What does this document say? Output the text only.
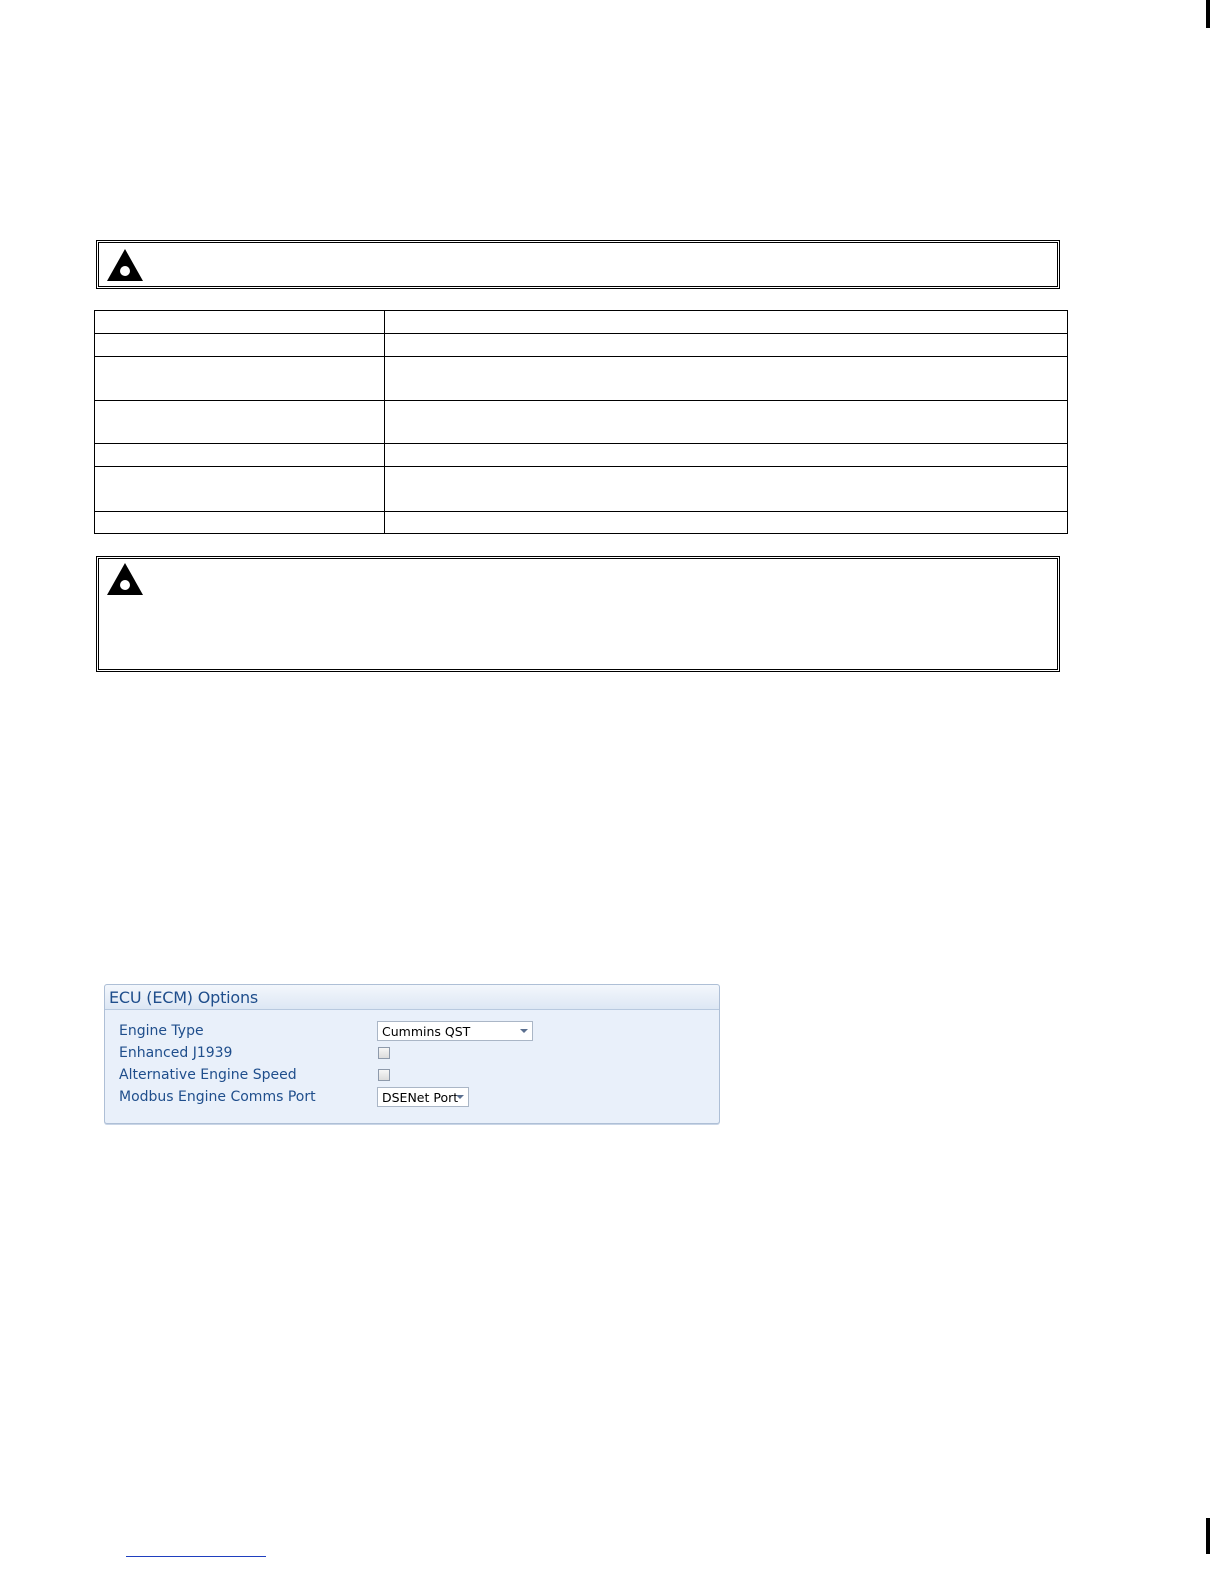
ECU (ECM) Options
Engine Type	Cummins QST
Enhanced J1939
Alternative Engine Speed
Modbus Engine Comms Port	DSENet Port
